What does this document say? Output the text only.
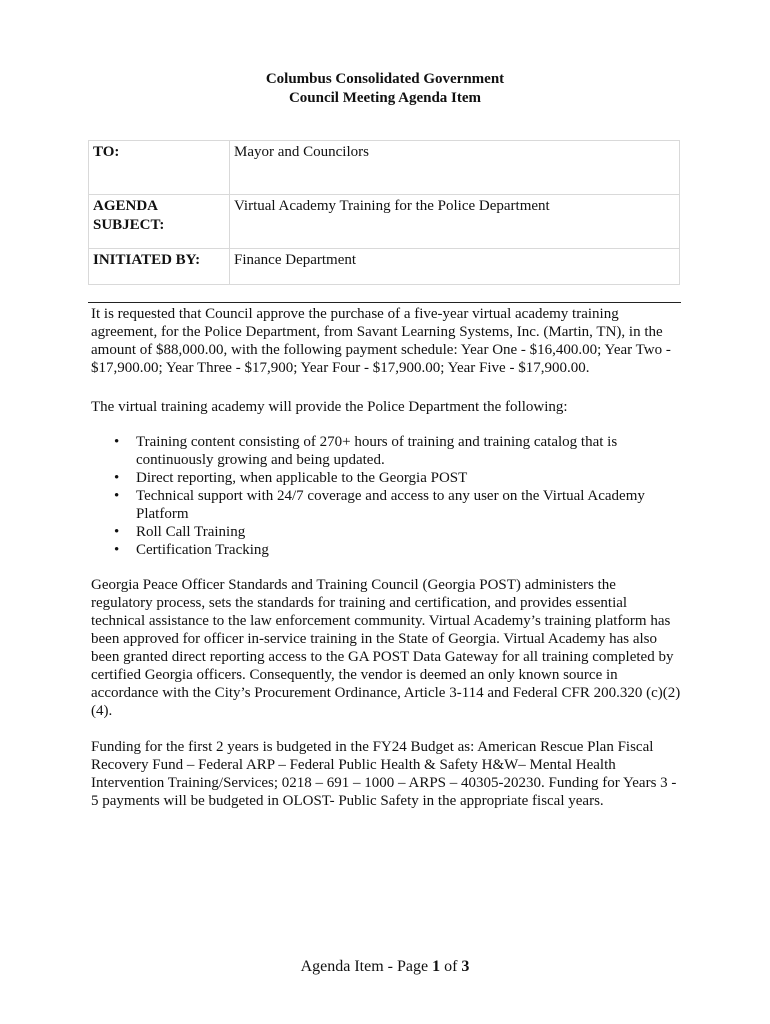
Columbus Consolidated Government
Council Meeting Agenda Item
TO:	Mayor and Councilors

AGENDA
SUBJECT:	Virtual Academy Training for the Police Department
INITIATED BY:	Finance Department
It is requested that Council approve the purchase of a five-year virtual academy training agreement, for the Police Department, from Savant Learning Systems, Inc. (Martin, TN), in the amount of $88,000.00, with the following payment schedule: Year One - $16,400.00; Year Two - $17,900.00; Year Three - $17,900; Year Four - $17,900.00; Year Five - $17,900.00.
The virtual training academy will provide the Police Department the following:
• Training content consisting of 270+ hours of training and training catalog that is continuously growing and being updated.
• Direct reporting, when applicable to the Georgia POST
• Technical support with 24/7 coverage and access to any user on the Virtual Academy Platform
• Roll Call Training
• Certification Tracking
Georgia Peace Officer Standards and Training Council (Georgia POST) administers the regulatory process, sets the standards for training and certification, and provides essential technical assistance to the law enforcement community. Virtual Academy’s training platform has been approved for officer in-service training in the State of Georgia. Virtual Academy has also been granted direct reporting access to the GA POST Data Gateway for all training completed by certified Georgia officers. Consequently, the vendor is deemed an only known source in accordance with the City’s Procurement Ordinance, Article 3-114 and Federal CFR 200.320 (c)(2)(4).
Funding for the first 2 years is budgeted in the FY24 Budget as: American Rescue Plan Fiscal Recovery Fund – Federal ARP – Federal Public Health & Safety H&W– Mental Health Intervention Training/Services; 0218 – 691 – 1000 – ARPS – 40305-20230. Funding for Years 3 - 5 payments will be budgeted in OLOST- Public Safety in the appropriate fiscal years.
Agenda Item - Page 1 of 3
